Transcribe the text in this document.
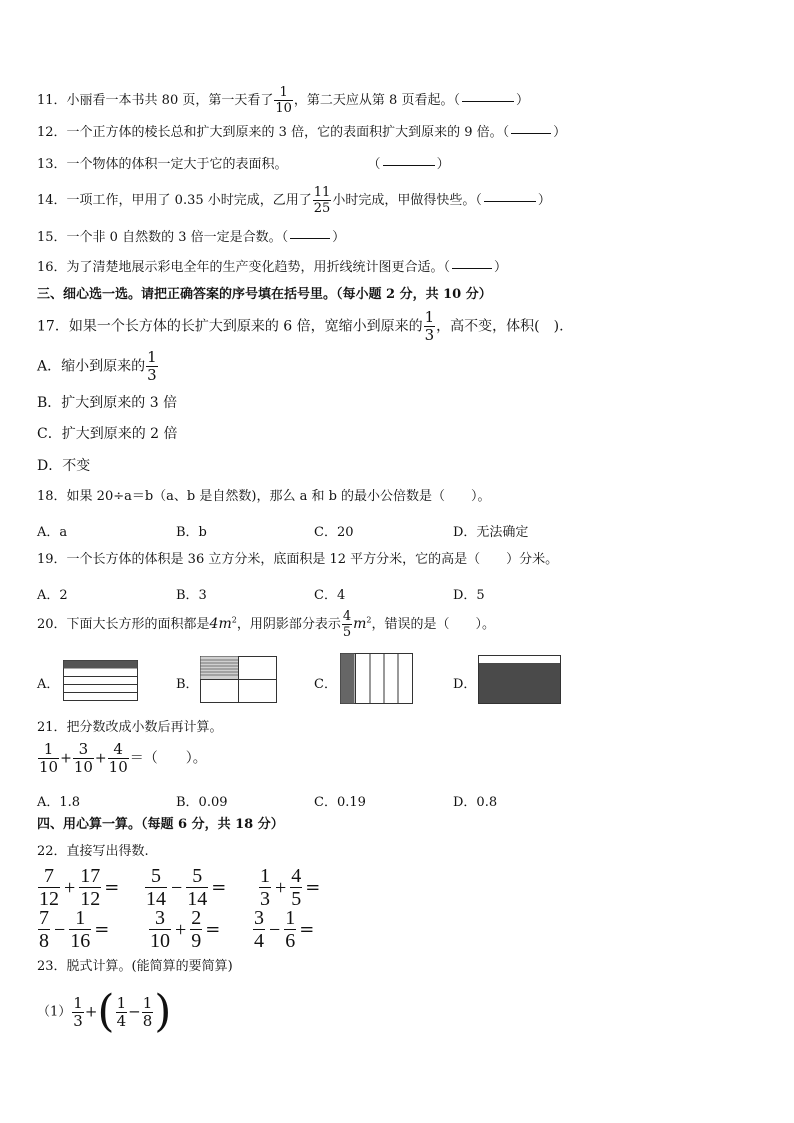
11．小丽看一本书共 80 页，第一天看了 $\frac{1}{10}$ ，第二天应从第 8 页看起。（	）
12．一个正方体的棱长总和扩大到原来的 3 倍，它的表面积扩大到原来的 9 倍。（	）
13．一个物体的体积一定大于它的表面积。	（	）
14．一项工作，甲用了 0.35 小时完成，乙用了 $\frac{11}{25}$ 小时完成，甲做得快些。（	）
15．一个非 0 自然数的 3 倍一定是合数。（	）
16．为了清楚地展示彩电全年的生产变化趋势，用折线统计图更合适。（	）
三、细心选一选。请把正确答案的序号填在括号里。（每小题 2 分，共 10 分）
17．如果一个长方体的长扩大到原来的 6 倍，宽缩小到原来的 $\frac{1}{3}$ ，高不变，体积(　).
A．缩小到原来的 $\frac{1}{3}$
B．扩大到原来的 3 倍
C．扩大到原来的 2 倍
D．不变
18．如果 20÷a＝b（a、b 是自然数)，那么 a 和 b 的最小公倍数是（　　）。
A．a	B．b	C．20	D．无法确定
19．一个长方体的体积是 36 立方分米，底面积是 12 平方分米，它的高是（　　）分米。
A．2	B．3	C．4	D．5
20．下面大长方形的面积都是$4m^2$，用阴影部分表示 $\frac{4}{5} m^2$，错误的是（　　）。
A．	B．	C．	D．
21．把分数改成小数后再计算。
$\frac{1}{10} + \frac{3}{10} + \frac{4}{10}$ ＝（　　）。
A．1.8	B．0.09	C．0.19	D．0.8
四、用心算一算。（每题 6 分，共 18 分）
22．直接写出得数.
$\frac{7}{12} + \frac{17}{12} = \frac{5}{14} - \frac{5}{14} = \frac{1}{3} + \frac{4}{5}$ =
$\frac{7}{8} - \frac{1}{16} = \frac{3}{10} + \frac{2}{9} = \frac{3}{4} - \frac{1}{6}$ =
23．脱式计算。(能简算的要简算)
$(1) \frac{1}{3}$ +( $\frac{1}{4} - \frac{1}{8}$ )
